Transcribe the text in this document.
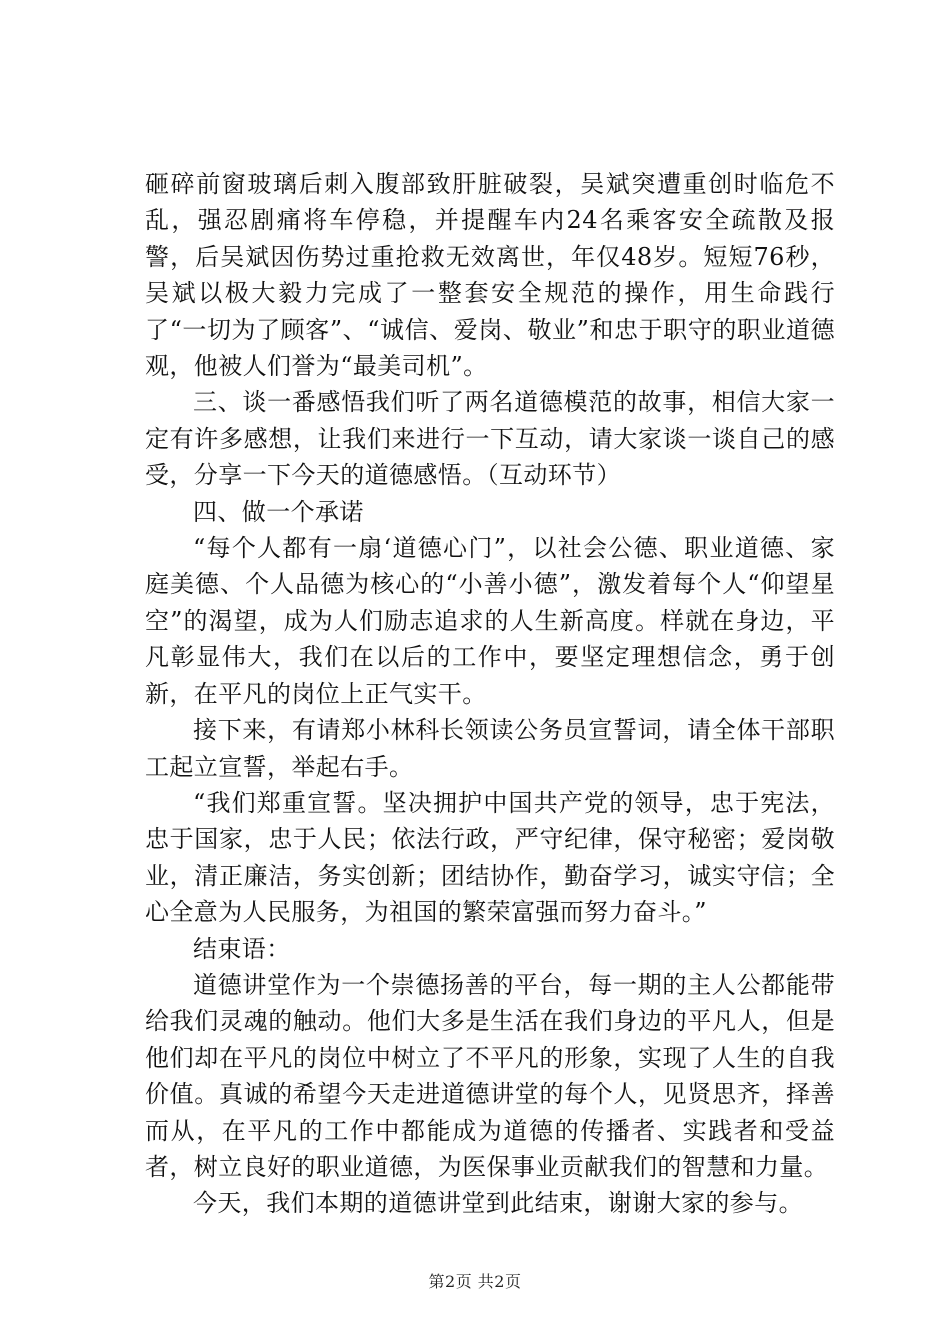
砸碎前窗玻璃后刺入腹部致肝脏破裂，吴斌突遭重创时临危不乱，强忍剧痛将车停稳，并提醒车内24名乘客安全疏散及报警，后吴斌因伤势过重抢救无效离世，年仅48岁。短短76秒，吴斌以极大毅力完成了一整套安全规范的操作，用生命践行了“一切为了顾客”、“诚信、爱岗、敬业”和忠于职守的职业道德观，他被人们誉为“最美司机”。

三、谈一番感悟我们听了两名道德模范的故事，相信大家一定有许多感想，让我们来进行一下互动，请大家谈一谈自己的感受，分享一下今天的道德感悟。（互动环节）

四、做一个承诺

“每个人都有一扇‘道德心门”，以社会公德、职业道德、家庭美德、个人品德为核心的“小善小德”，激发着每个人“仰望星空”的渴望，成为人们励志追求的人生新高度。样就在身边，平凡彰显伟大，我们在以后的工作中，要坚定理想信念，勇于创新，在平凡的岗位上正气实干。

接下来，有请郑小林科长领读公务员宣誓词，请全体干部职工起立宣誓，举起右手。

“我们郑重宣誓。坚决拥护中国共产党的领导，忠于宪法，忠于国家，忠于人民；依法行政，严守纪律，保守秘密；爱岗敬业，清正廉洁，务实创新；团结协作，勤奋学习，诚实守信；全心全意为人民服务，为祖国的繁荣富强而努力奋斗。”

结束语：

道德讲堂作为一个崇德扬善的平台，每一期的主人公都能带给我们灵魂的触动。他们大多是生活在我们身边的平凡人，但是他们却在平凡的岗位中树立了不平凡的形象，实现了人生的自我价值。真诚的希望今天走进道德讲堂的每个人，见贤思齐，择善而从，在平凡的工作中都能成为道德的传播者、实践者和受益者，树立良好的职业道德，为医保事业贡献我们的智慧和力量。

今天，我们本期的道德讲堂到此结束，谢谢大家的参与。

第2页 共2页
